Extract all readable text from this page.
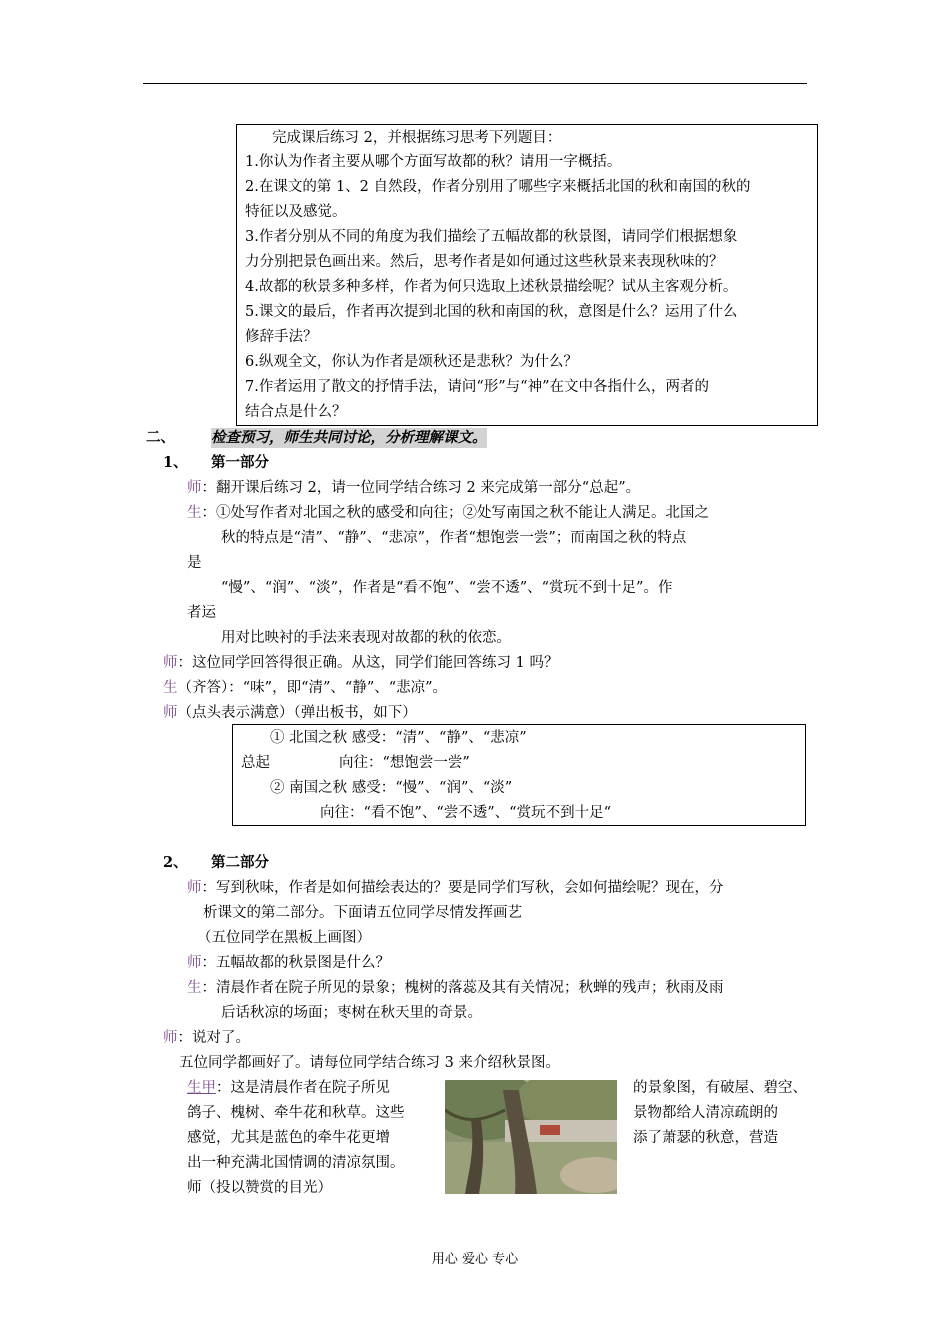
完成课后练习 2，并根据练习思考下列题目：
1.你认为作者主要从哪个方面写故都的秋？请用一字概括。
2.在课文的第 1、2 自然段，作者分别用了哪些字来概括北国的秋和南国的秋的
特征以及感觉。
3.作者分别从不同的角度为我们描绘了五幅故都的秋景图，请同学们根据想象
力分别把景色画出来。然后，思考作者是如何通过这些秋景来表现秋味的？
4.故都的秋景多种多样，作者为何只选取上述秋景描绘呢？试从主客观分析。
5.课文的最后，作者再次提到北国的秋和南国的秋，意图是什么？运用了什么
修辞手法？
6.纵观全文，你认为作者是颂秋还是悲秋？为什么？
7.作者运用了散文的抒情手法，请问“形”与“神”在文中各指什么，两者的
结合点是什么？
二、 检查预习，师生共同讨论，分析理解课文。
1、 第一部分
师：翻开课后练习 2，请一位同学结合练习 2 来完成第一部分“总起”。
生：①处写作者对北国之秋的感受和向往；②处写南国之秋不能让人满足。北国之
秋的特点是“清”、“静”、“悲凉”，作者“想饱尝一尝”；而南国之秋的特点
是
“慢”、“润”、“淡”，作者是“看不饱”、“尝不透”、“赏玩不到十足”。作
者运
用对比映衬的手法来表现对故都的秋的依恋。
师：这位同学回答得很正确。从这，同学们能回答练习 1 吗？
生（齐答）：“味”，即“清”、“静”、“悲凉”。
师（点头表示满意）（弹出板书，如下）
① 北国之秋 感受：“清”、“静”、“悲凉”
总起	向往：“想饱尝一尝”
② 南国之秋 感受：“慢”、“润”、“淡”
向往：“看不饱”、“尝不透”、“赏玩不到十足“
2、 第二部分
师：写到秋味，作者是如何描绘表达的？要是同学们写秋，会如何描绘呢？现在，分
析课文的第二部分。下面请五位同学尽情发挥画艺
（五位同学在黑板上画图）
师：五幅故都的秋景图是什么？
生：清晨作者在院子所见的景象；槐树的落蕊及其有关情况；秋蝉的残声；秋雨及雨
后话秋凉的场面；枣树在秋天里的奇景。
师：说对了。
五位同学都画好了。请每位同学结合练习 3 来介绍秋景图。
生甲：这是清晨作者在院子所见	的景象图，有破屋、碧空、
鸽子、槐树、牵牛花和秋草。这些	景物都给人清凉疏朗的
感觉，尤其是蓝色的牵牛花更增	添了萧瑟的秋意，营造
出一种充满北国情调的清凉氛围。
师（投以赞赏的目光）
用心 爱心 专心
